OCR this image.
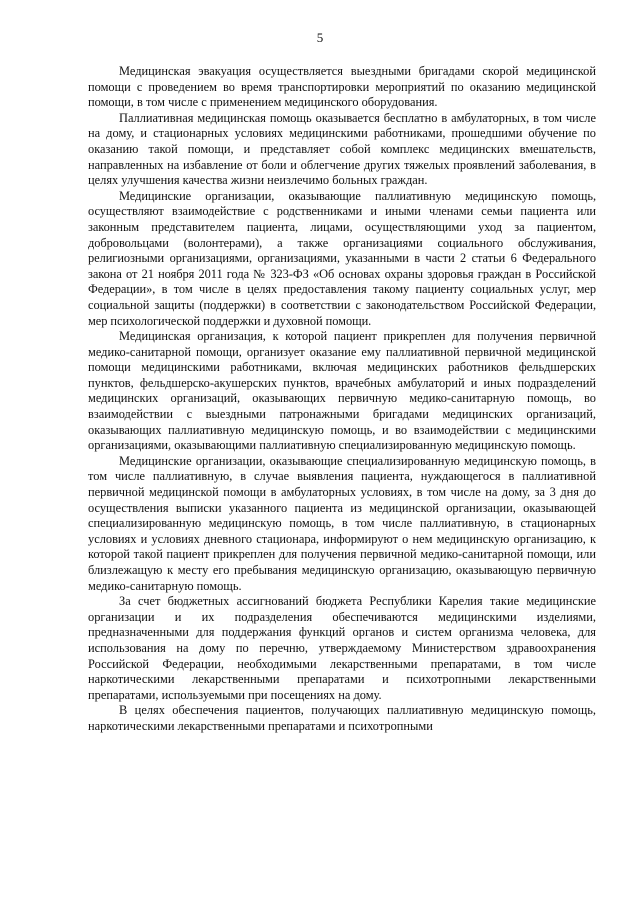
5

Медицинская эвакуация осуществляется выездными бригадами скорой медицинской помощи с проведением во время транспортировки мероприятий по оказанию медицинской помощи, в том числе с применением медицинского оборудования.

Паллиативная медицинская помощь оказывается бесплатно в амбулаторных, в том числе на дому, и стационарных условиях медицинскими работниками, прошедшими обучение по оказанию такой помощи, и представляет собой комплекс медицинских вмешательств, направленных на избавление от боли и облегчение других тяжелых проявлений заболевания, в целях улучшения качества жизни неизлечимо больных граждан.

Медицинские организации, оказывающие паллиативную медицинскую помощь, осуществляют взаимодействие с родственниками и иными членами семьи пациента или законным представителем пациента, лицами, осуществляющими уход за пациентом, добровольцами (волонтерами), а также организациями социального обслуживания, религиозными организациями, организациями, указанными в части 2 статьи 6 Федерального закона от 21 ноября 2011 года № 323-ФЗ «Об основах охраны здоровья граждан в Российской Федерации», в том числе в целях предоставления такому пациенту социальных услуг, мер социальной защиты (поддержки) в соответствии с законодательством Российской Федерации, мер психологической поддержки и духовной помощи.

Медицинская организация, к которой пациент прикреплен для получения первичной медико-санитарной помощи, организует оказание ему паллиативной первичной медицинской помощи медицинскими работниками, включая медицинских работников фельдшерских пунктов, фельдшерско-акушерских пунктов, врачебных амбулаторий и иных подразделений медицинских организаций, оказывающих первичную медико-санитарную помощь, во взаимодействии с выездными патронажными бригадами медицинских организаций, оказывающих паллиативную медицинскую помощь, и во взаимодействии с медицинскими организациями, оказывающими паллиативную специализированную медицинскую помощь.

Медицинские организации, оказывающие специализированную медицинскую помощь, в том числе паллиативную, в случае выявления пациента, нуждающегося в паллиативной первичной медицинской помощи в амбулаторных условиях, в том числе на дому, за 3 дня до осуществления выписки указанного пациента из медицинской организации, оказывающей специализированную медицинскую помощь, в том числе паллиативную, в стационарных условиях и условиях дневного стационара, информируют о нем медицинскую организацию, к которой такой пациент прикреплен для получения первичной медико-санитарной помощи, или близлежащую к месту его пребывания медицинскую организацию, оказывающую первичную медико-санитарную помощь.

За счет бюджетных ассигнований бюджета Республики Карелия такие медицинские организации и их подразделения обеспечиваются медицинскими изделиями, предназначенными для поддержания функций органов и систем организма человека, для использования на дому по перечню, утверждаемому Министерством здравоохранения Российской Федерации, необходимыми лекарственными препаратами, в том числе наркотическими лекарственными препаратами и психотропными лекарственными препаратами, используемыми при посещениях на дому.

В целях обеспечения пациентов, получающих паллиативную медицинскую помощь, наркотическими лекарственными препаратами и психотропными
